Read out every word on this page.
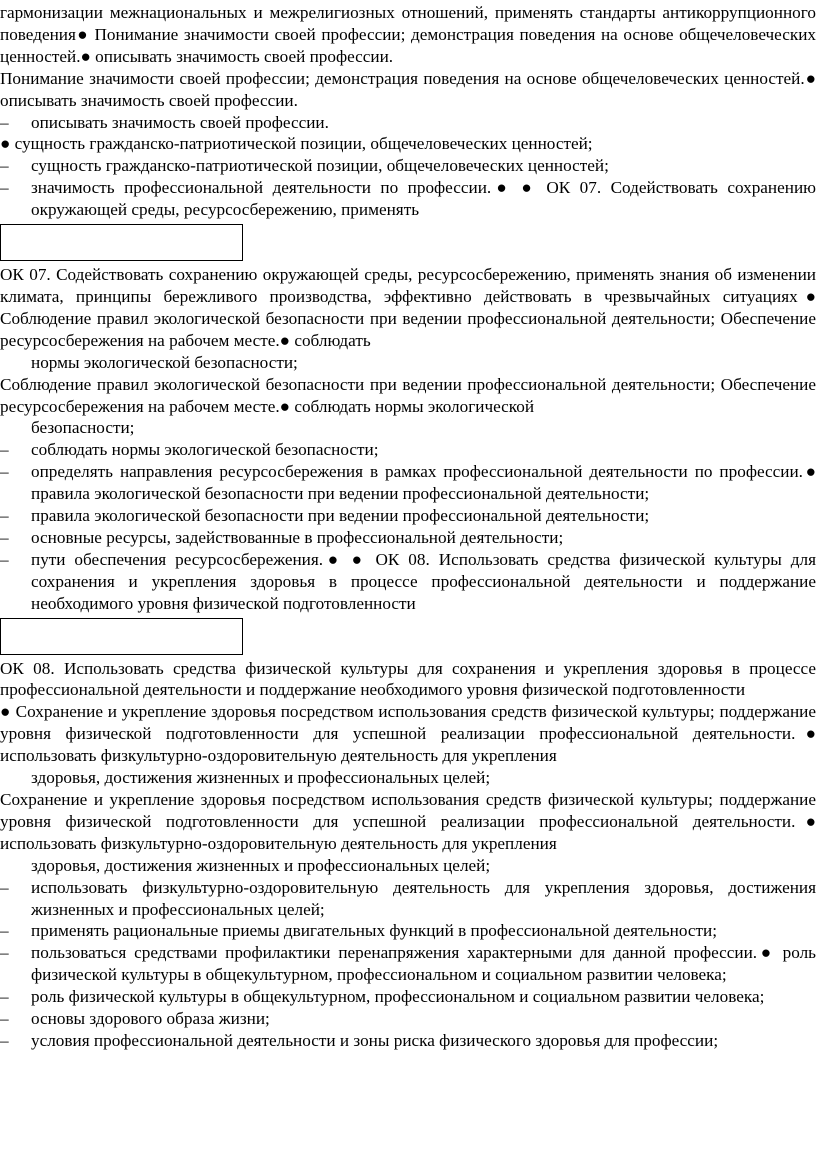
гармонизации межнациональных и межрелигиозных отношений, применять стандарты антикоррупционного поведения● Понимание значимости своей профессии; демонстрация поведения на основе общечеловеческих ценностей.● описывать значимость своей профессии.

Понимание значимости своей профессии; демонстрация поведения на основе общечеловеческих ценностей.● описывать значимость своей профессии.

– описывать значимость своей профессии.

● сущность гражданско-патриотической позиции, общечеловеческих ценностей;

– сущность гражданско-патриотической позиции, общечеловеческих ценностей;

– значимость профессиональной деятельности по профессии.● ● ОК 07. Содействовать сохранению окружающей среды, ресурсосбережению, применять

ОК 07. Содействовать сохранению окружающей среды, ресурсосбережению, применять знания об изменении климата, принципы бережливого производства, эффективно действовать в чрезвычайных ситуациях● Соблюдение правил экологической безопасности при ведении профессиональной деятельности; Обеспечение ресурсосбережения на рабочем месте.● соблюдать

нормы экологической безопасности;

Соблюдение правил экологической безопасности при ведении профессиональной деятельности; Обеспечение ресурсосбережения на рабочем месте.● соблюдать нормы экологической

безопасности;

– соблюдать нормы экологической безопасности;

– определять направления ресурсосбережения в рамках профессиональной деятельности по профессии.● правила экологической безопасности при ведении профессиональной деятельности;

– правила экологической безопасности при ведении профессиональной деятельности;

– основные ресурсы, задействованные в профессиональной деятельности;

– пути обеспечения ресурсосбережения.● ● ОК 08. Использовать средства физической культуры для сохранения и укрепления здоровья в процессе профессиональной деятельности и поддержание необходимого уровня физической подготовленности

ОК 08. Использовать средства физической культуры для сохранения и укрепления здоровья в процессе профессиональной деятельности и поддержание необходимого уровня физической подготовленности

● Сохранение и укрепление здоровья посредством использования средств физической культуры; поддержание уровня физической подготовленности для успешной реализации профессиональной деятельности.● использовать физкультурно-оздоровительную деятельность для укрепления

здоровья, достижения жизненных и профессиональных целей;

Сохранение и укрепление здоровья посредством использования средств физической культуры; поддержание уровня физической подготовленности для успешной реализации профессиональной деятельности.● использовать физкультурно-оздоровительную деятельность для укрепления

здоровья, достижения жизненных и профессиональных целей;

– использовать физкультурно-оздоровительную деятельность для укрепления здоровья, достижения жизненных и профессиональных целей;

– применять рациональные приемы двигательных функций в профессиональной деятельности;

– пользоваться средствами профилактики перенапряжения характерными для данной профессии.● роль физической культуры в общекультурном, профессиональном и социальном развитии человека;

– роль физической культуры в общекультурном, профессиональном и социальном развитии человека;

– основы здорового образа жизни;

– условия профессиональной деятельности и зоны риска физического здоровья для профессии;
